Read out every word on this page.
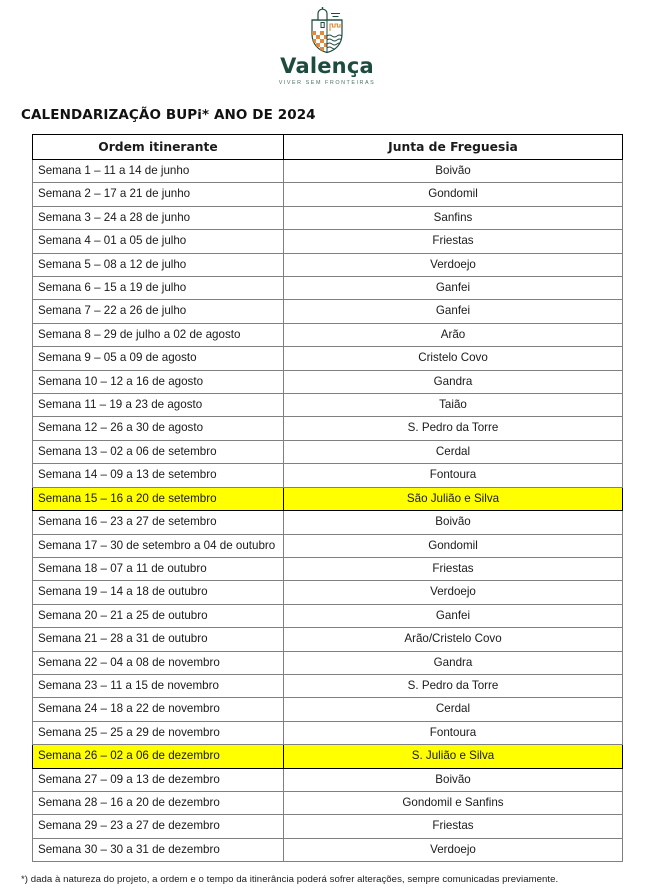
Valença
VIVER SEM FRONTEIRAS
CALENDARIZAÇÃO BUPi* ANO DE 2024
Ordem itinerante	Junta de Freguesia
Semana 1 – 11 a 14 de junho	Boivão
Semana 2 – 17 a 21 de junho	Gondomil
Semana 3 – 24 a 28 de junho	Sanfins
Semana 4 – 01 a 05 de julho	Friestas
Semana 5 – 08 a 12 de julho	Verdoejo
Semana 6 – 15 a 19 de julho	Ganfei
Semana 7 – 22 a 26 de julho	Ganfei
Semana 8 – 29 de julho a 02 de agosto	Arão
Semana 9 – 05 a 09 de agosto	Cristelo Covo
Semana 10 – 12 a 16 de agosto	Gandra
Semana 11 – 19 a 23 de agosto	Taião
Semana 12 – 26 a 30 de agosto	S. Pedro da Torre
Semana 13 – 02 a 06 de setembro	Cerdal
Semana 14 – 09 a 13 de setembro	Fontoura
Semana 15 – 16 a 20 de setembro	São Julião e Silva
Semana 16 – 23 a 27 de setembro	Boivão
Semana 17 – 30 de setembro a 04 de outubro	Gondomil
Semana 18 – 07 a 11 de outubro	Friestas
Semana 19 – 14 a 18 de outubro	Verdoejo
Semana 20 – 21 a 25 de outubro	Ganfei
Semana 21 – 28 a 31 de outubro	Arão/Cristelo Covo
Semana 22 – 04 a 08 de novembro	Gandra
Semana 23 – 11 a 15 de novembro	S. Pedro da Torre
Semana 24 – 18 a 22 de novembro	Cerdal
Semana 25 – 25 a 29 de novembro	Fontoura
Semana 26 – 02 a 06 de dezembro	S. Julião e Silva
Semana 27 – 09 a 13 de dezembro	Boivão
Semana 28 – 16 a 20 de dezembro	Gondomil e Sanfins
Semana 29 – 23 a 27 de dezembro	Friestas
Semana 30 – 30 a 31 de dezembro	Verdoejo

*) dada à natureza do projeto, a ordem e o tempo da itinerância poderá sofrer alterações, sempre comunicadas previamente.
